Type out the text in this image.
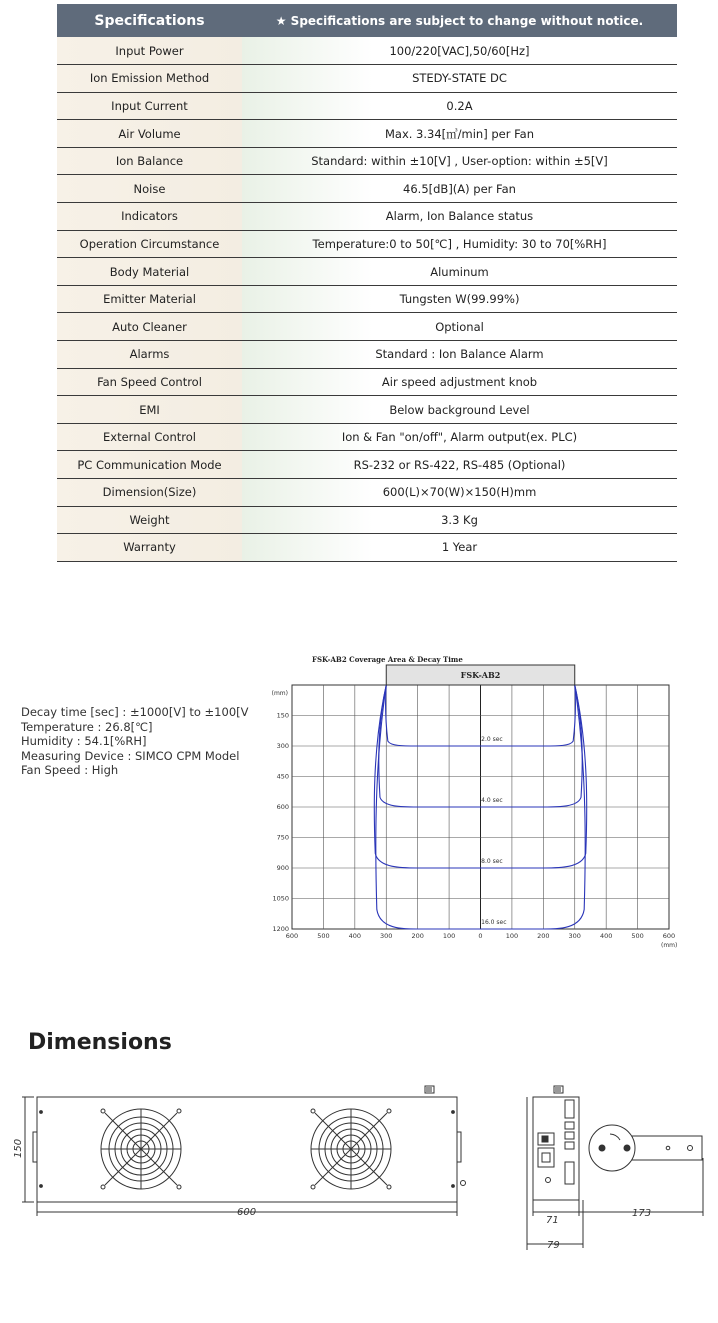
Specifications	★ Specifications are subject to change without notice.
Input Power	100/220[VAC],50/60[Hz]
Ion Emission Method	STEDY-STATE DC
Input Current	0.2A
Air Volume	Max. 3.34[㎥/min] per Fan
Ion Balance	Standard: within ±10[V] , User-option: within ±5[V]
Noise	46.5[dB](A) per Fan
Indicators	Alarm, Ion Balance status
Operation Circumstance	Temperature:0 to 50[℃] , Humidity: 30 to 70[%RH]
Body Material	Aluminum
Emitter Material	Tungsten W(99.99%)
Auto Cleaner	Optional
Alarms	Standard : Ion Balance Alarm
Fan Speed Control	Air speed adjustment knob
EMI	Below background Level
External Control	Ion & Fan "on/off", Alarm output(ex. PLC)
PC Communication Mode	RS-232 or RS-422, RS-485 (Optional)
Dimension(Size)	600(L)×70(W)×150(H)mm
Weight	3.3 Kg
Warranty	1 Year
Decay time [sec] : ±1000[V] to ±100[V
Temperature : 26.8[℃]
Humidity : 54.1[%RH]
Measuring Device : SIMCO CPM Model
Fan Speed : High
FSK-AB2 Coverage Area & Decay Time
600	500	400	300	200	100	0	100	200	300	400	500	600
150
300
450
600
750
900
1050
1200
(mm)
(mm)
2.0 sec
4.0 sec
8.0 sec
16.0 sec
FSK-AB2
Dimensions
600
150
71
79
173
